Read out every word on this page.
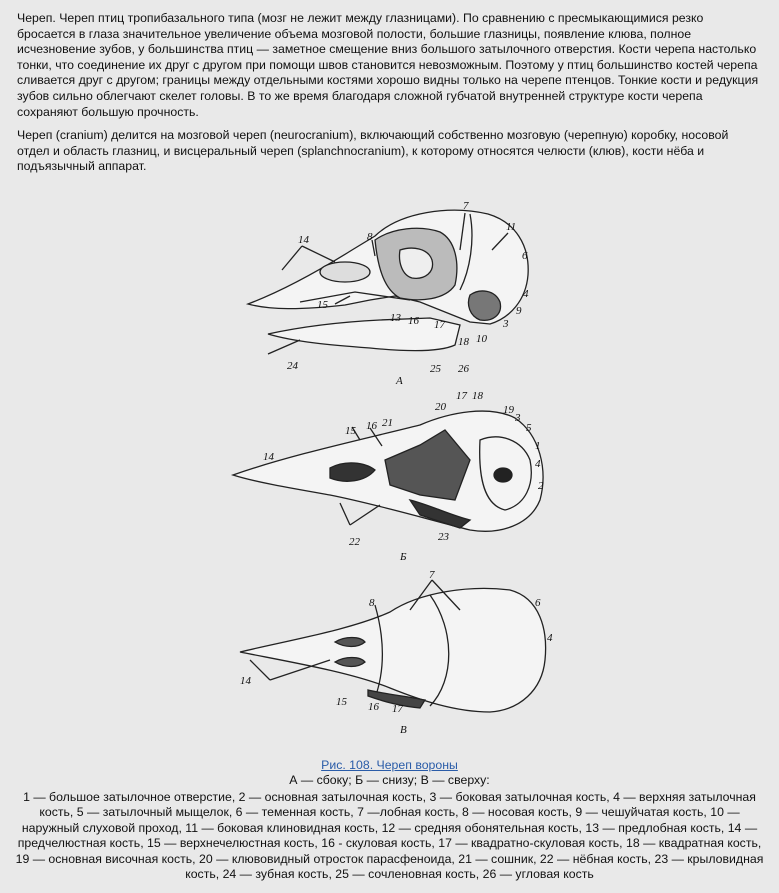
Череп. Череп птиц тропибазального типа (мозг не лежит между глазницами). По сравнению с пресмыкающимися резко бросается в глаза значительное увеличение объема мозговой полости, большие глазницы, появление клюва, полное исчезновение зубов, у большинства птиц — заметное смещение вниз большого затылочного отверстия. Кости черепа настолько тонки, что соединение их друг с другом при помощи швов становится невозможным. Поэтому у птиц большинство костей черепа сливается друг с другом; границы между отдельными костями хорошо видны только на черепе птенцов. Тонкие кости и редукция зубов сильно облегчают скелет головы. В то же время благодаря сложной губчатой внутренней структуре кости черепа сохраняют большую прочность.

Череп (cranium) делится на мозговой череп (neurocranium), включающий собственно мозговую (черепную) коробку, носовой отдел и область глазниц, и висцеральный череп (splanchnocranium), к которому относятся челюсти (клюв), кости нёба и подъязычный аппарат.

14	8
7
11
6
4
9
3
15
13 16 17
10
18
24	25 26
А
15 16 21
20
17 18
19
3
5
1
4
2
14
22	23
Б
8
7
6
4
14
15 16 17
В
Рис. 108. Череп вороны
А — сбоку; Б — снизу; В — сверху:
1 — большое затылочное отверстие, 2 — основная затылочная кость, 3 — боковая затылочная кость, 4 — верхняя затылочная кость, 5 — затылочный мыщелок, 6 — теменная кость, 7 —лобная кость, 8 — носовая кость, 9 — чешуйчатая кость, 10 — наружный слуховой проход, 11 — боковая клиновидная кость, 12 — средняя обонятельная кость, 13 — предлобная кость, 14 — предчелюстная кость, 15 — верхнечелюстная кость, 16 - скуловая кость, 17 — квадратно-скуловая кость, 18 — квадратная кость, 19 — основная височная кость, 20 — клювовидный отросток парасфеноида, 21 — сошник, 22 — нёбная кость, 23 — крыловидная кость, 24 — зубная кость, 25 — сочленовная кость, 26 — угловая кость
